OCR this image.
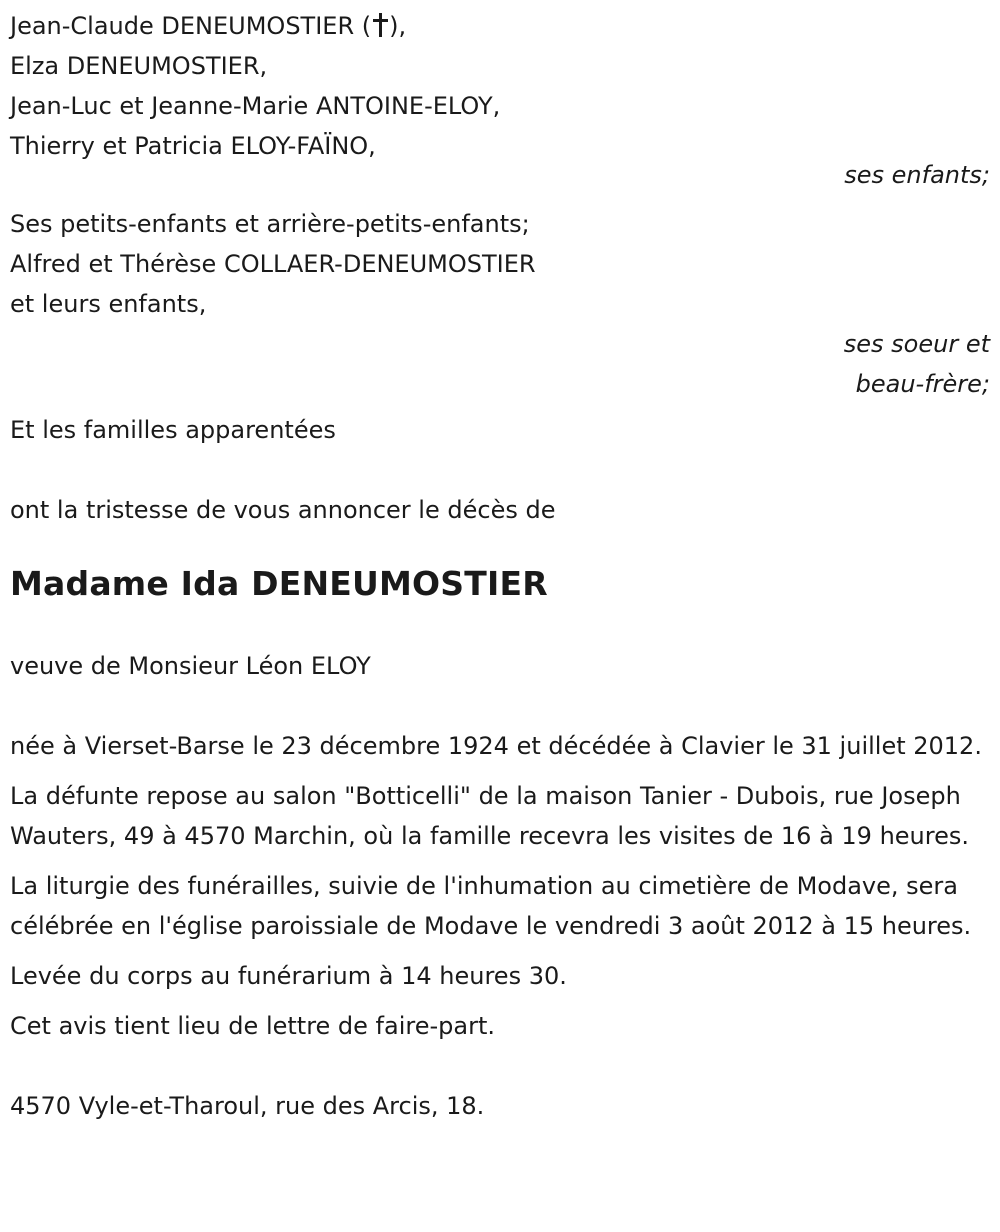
Jean-Claude DENEUMOSTIER ( ),

Elza DENEUMOSTIER,

Jean-Luc et Jeanne-Marie ANTOINE-ELOY,

Thierry et Patricia ELOY-FAÏNO,

ses enfants;

Ses petits-enfants et arrière-petits-enfants;

Alfred et Thérèse COLLAER-DENEUMOSTIER

et leurs enfants,

ses soeur et
beau-frère;

Et les familles apparentées

ont la tristesse de vous annoncer le décès de

Madame Ida DENEUMOSTIER

veuve de Monsieur Léon ELOY

née à Vierset-Barse le 23 décembre 1924 et décédée à Clavier le 31 juillet 2012.

La défunte repose au salon "Botticelli" de la maison Tanier - Dubois, rue Joseph Wauters, 49 à 4570 Marchin, où la famille recevra les visites de 16 à 19 heures.

La liturgie des funérailles, suivie de l'inhumation au cimetière de Modave, sera célébrée en l'église paroissiale de Modave le vendredi 3 août 2012 à 15 heures.

Levée du corps au funérarium à 14 heures 30.

Cet avis tient lieu de lettre de faire-part.

4570 Vyle-et-Tharoul, rue des Arcis, 18.
